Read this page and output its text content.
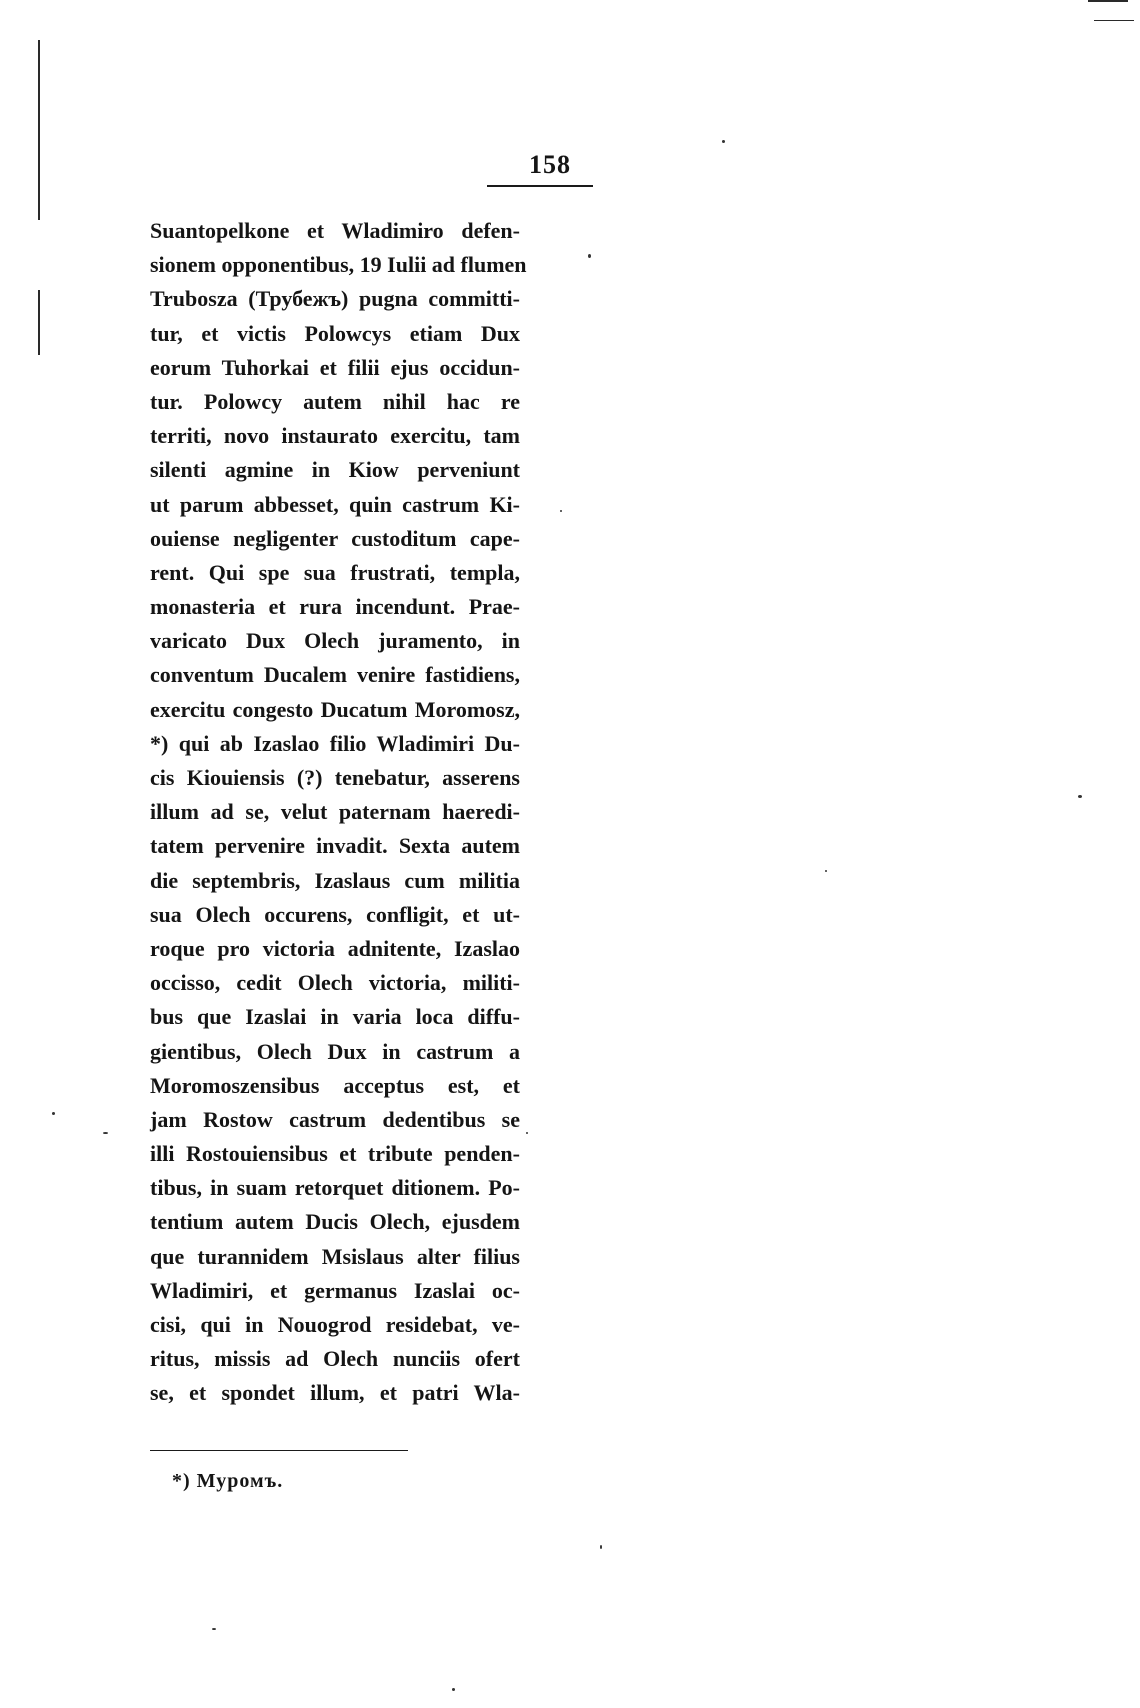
158
Suantopelkone et Wladimiro defen-
sionem opponentibus, 19 Iulii ad flumen
Trubosza (Трубежъ) pugna committi-
tur, et victis Polowcys etiam Dux
eorum Tuhorkai et filii ejus occidun-
tur. Polowcy autem nihil hac re
territi, novo instaurato exercitu, tam
silenti agmine in Kiow perveniunt
ut parum abbesset, quin castrum Ki-
ouiense negligenter custoditum cape-
rent. Qui spe sua frustrati, templa,
monasteria et rura incendunt. Prae-
varicato Dux Olech juramento, in
conventum Ducalem venire fastidiens,
exercitu congesto Ducatum Moromosz,
*) qui ab Izaslao filio Wladimiri Du-
cis Kiouiensis (?) tenebatur, asserens
illum ad se, velut paternam haeredi-
tatem pervenire invadit. Sexta autem
die septembris, Izaslaus cum militia
sua Olech occurens, confligit, et ut-
roque pro victoria adnitente, Izaslao
occisso, cedit Olech victoria, militi-
bus que Izaslai in varia loca diffu-
gientibus, Olech Dux in castrum a
Moromoszensibus acceptus est, et
jam Rostow castrum dedentibus se
illi Rostouiensibus et tribute penden-
tibus, in suam retorquet ditionem. Po-
tentium autem Ducis Olech, ejusdem
que turannidem Msislaus alter filius
Wladimiri, et germanus Izaslai oc-
cisi, qui in Nouogrod residebat, ve-
ritus, missis ad Olech nunciis ofert
se, et spondet illum, et patri Wla-
*) Муромъ.
